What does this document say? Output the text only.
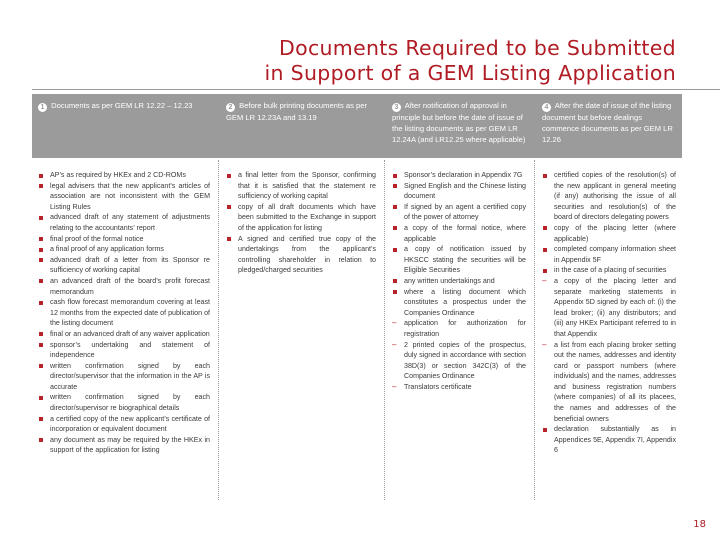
Documents Required to be Submitted
in Support of a GEM Listing Application
1 Documents as per GEM LR 12.22 – 12.23
AP’s as required by HKEx and 2 CD-ROMs
legal advisers that the new applicant’s articles of association are not inconsistent with the GEM Listing Rules
advanced draft of any statement of adjustments relating to the accountants’ report
final proof of the formal notice
a final proof of any application forms
advanced draft of a letter from its Sponsor re sufficiency of working capital
an advanced draft of the board’s profit forecast memorandum
cash flow forecast memorandum covering at least 12 months from the expected date of publication of the listing document
final or an advanced draft of any waiver application
sponsor’s undertaking and statement of independence
written confirmation signed by each director/supervisor that the information in the AP is accurate
written confirmation signed by each director/supervisor re biographical details
a certified copy of the new applicant’s certificate of incorporation or equivalent document
any document as may be required by the HKEx in support of the application for listing
2 Before bulk printing documents as per GEM LR 12.23A and 13.19
a final letter from the Sponsor, confirming that it is satisfied that the statement re sufficiency of working capital
copy of all draft documents which have been submitted to the Exchange in support of the application for listing
A signed and certified true copy of the undertakings from the applicant’s controlling shareholder in relation to pledged/charged securities
3 After notification of approval in principle but before the date of issue of the listing documents as per GEM LR 12.24A (and LR12.25 where applicable)
Sponsor’s declaration in Appendix 7G
Signed English and the Chinese listing document
If signed by an agent a certified copy of the power of attorney
a copy of the formal notice, where applicable
a copy of notification issued by HKSCC stating the securities will be Eligible Securities
any written undertakings and
where a listing document which constitutes a prospectus under the Companies Ordinance
– application for authorization for registration
– 2 printed copies of the prospectus, duly signed in accordance with section 38D(3) or section 342C(3) of the Companies Ordinance
– Translators certificate
4 After the date of issue of the listing document but before dealings commence documents as per GEM LR 12.26
certified copies of the resolution(s) of the new applicant in general meeting (if any) authorising the issue of all securities and resolution(s) of the board of directors delegating powers
copy of the placing letter (where applicable)
completed company information sheet in Appendix 5F
in the case of a placing of securities
– a copy of the placing letter and separate marketing statements in Appendix 5D signed by each of: (i) the lead broker; (ii) any distributors; and (iii) any HKEx Participant referred to in that Appendix
– a list from each placing broker setting out the names, addresses and identity card or passport numbers (where individuals) and the names, addresses and business registration numbers (where companies) of all its placees, the names and addresses of the beneficial owners
declaration substantially as in Appendices 5E, Appendix 7I, Appendix 6
18
